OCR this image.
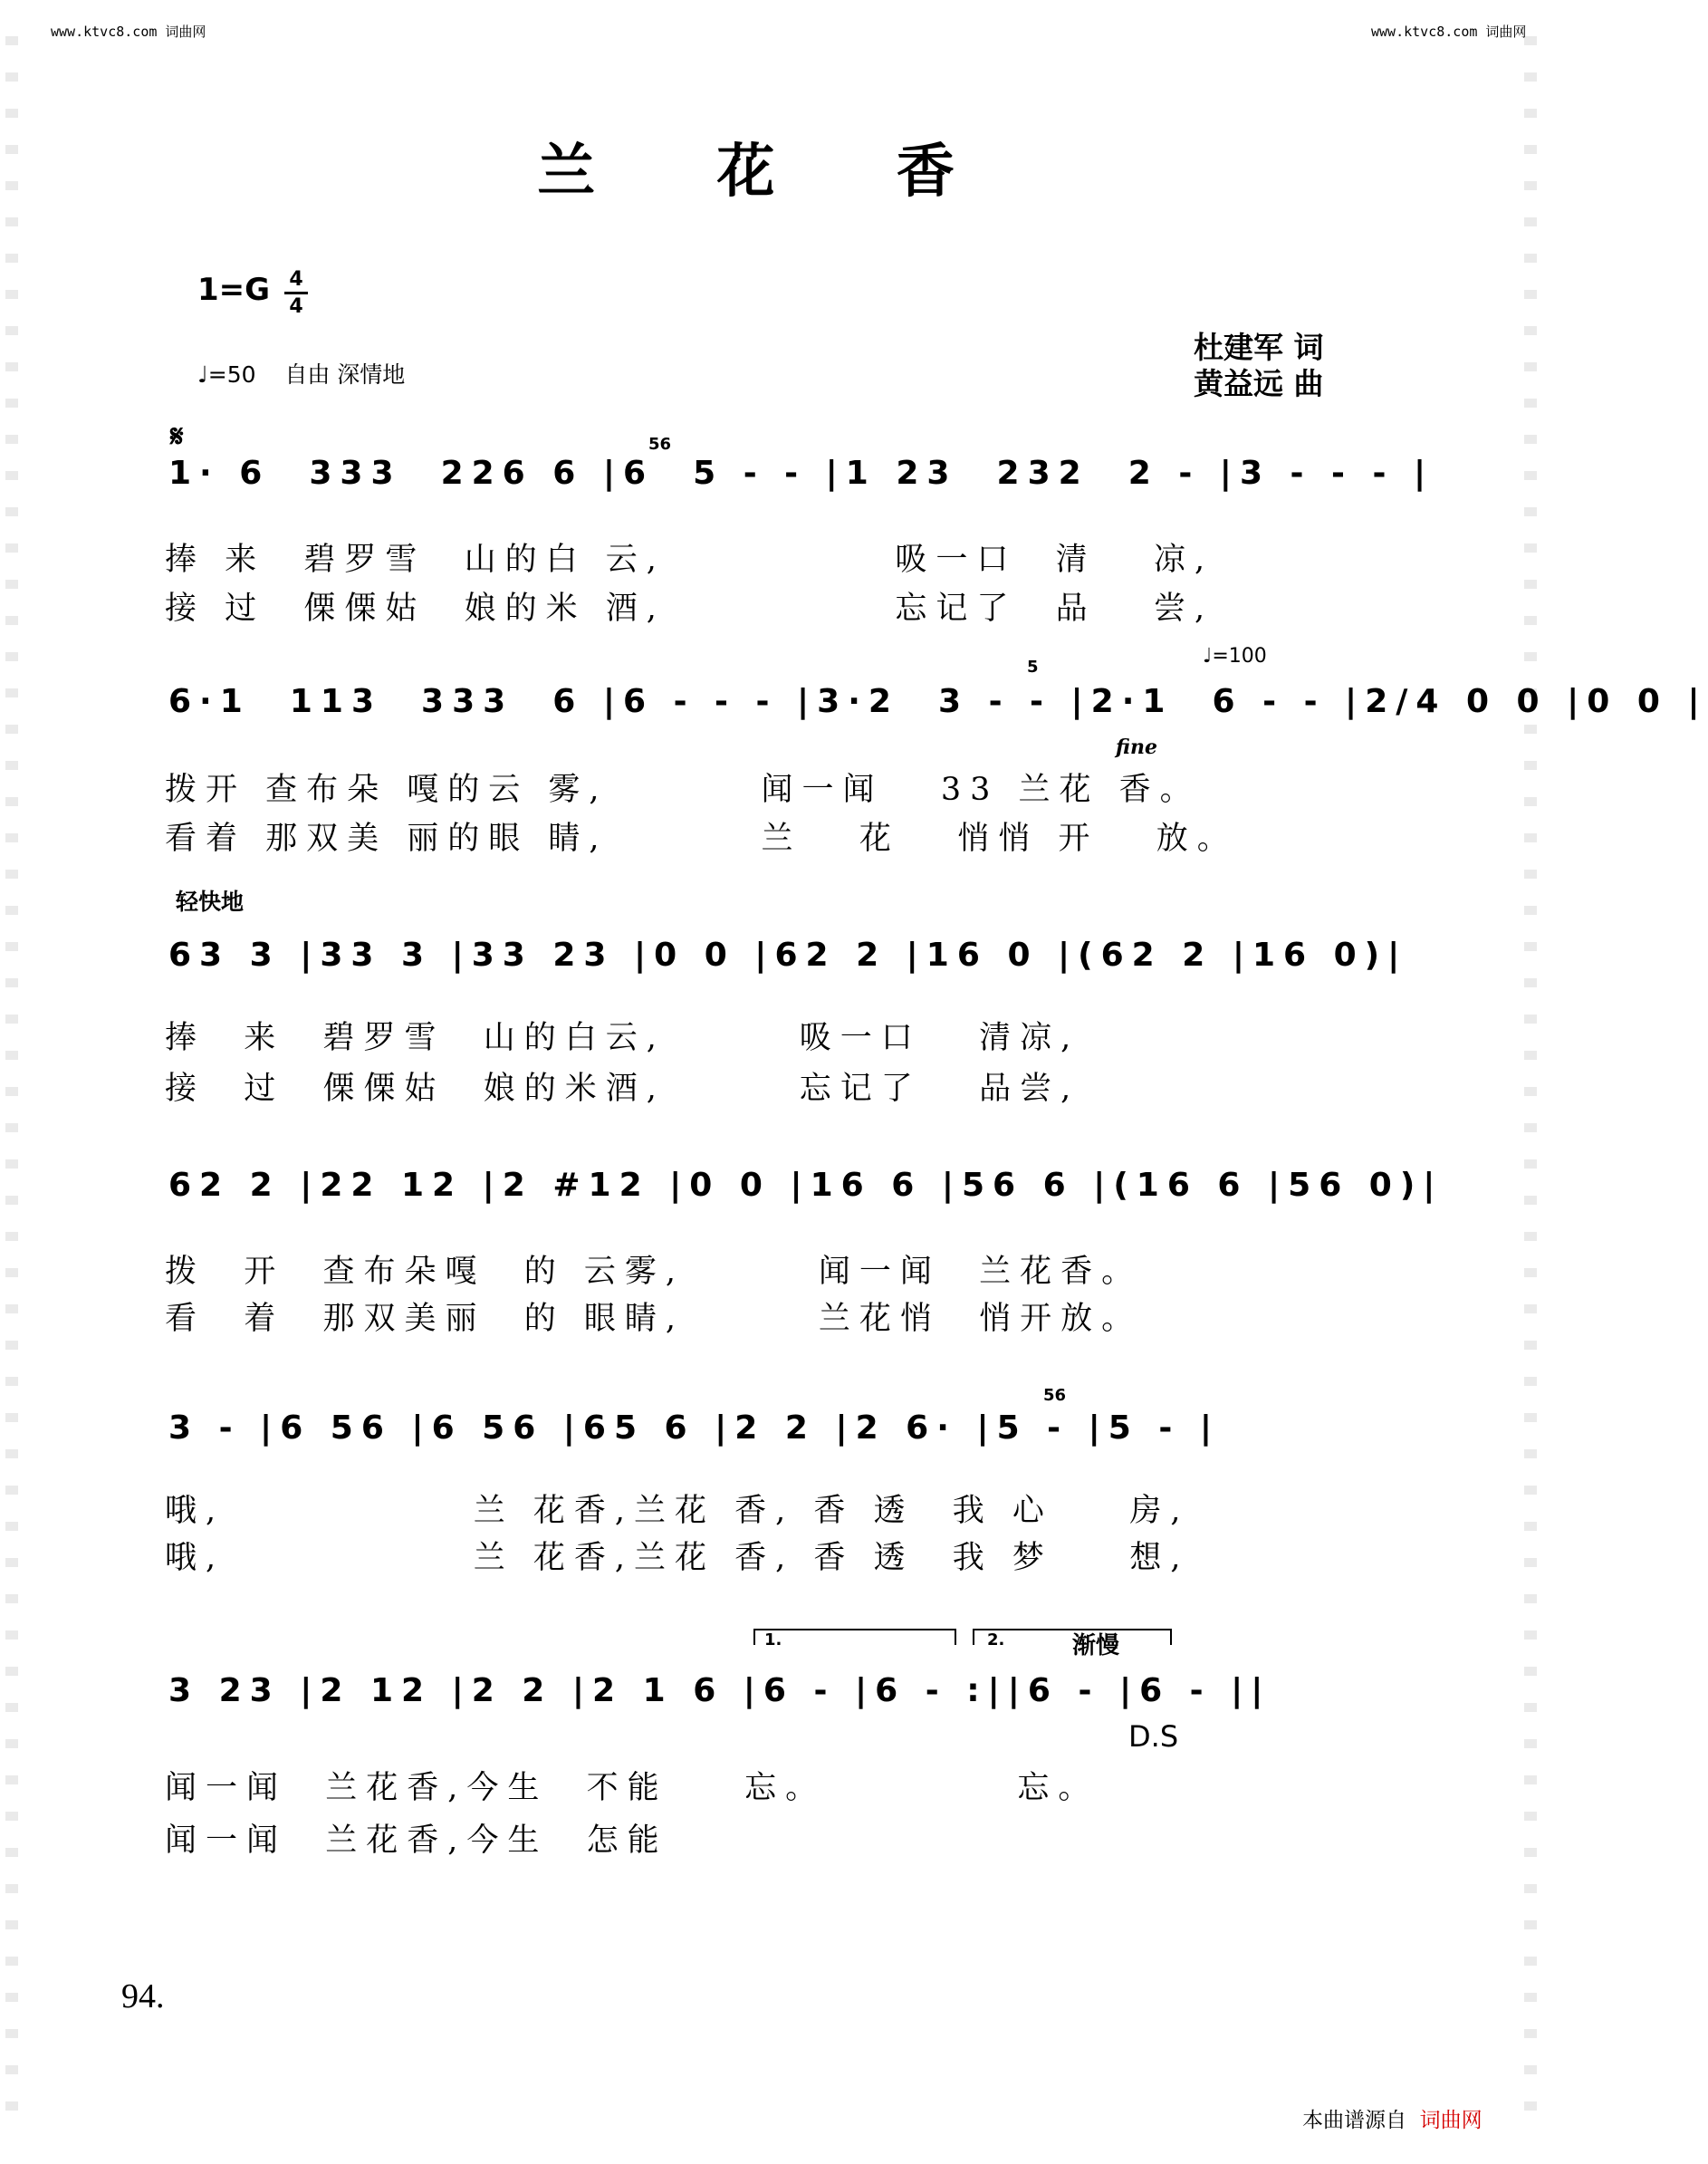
www.ktvc8.com 词曲网	www.ktvc8.com 词曲网
兰 花 香
1=G 4
4
♩=50 自由 深情地
杜建军 词
黄益远 曲
𝄋
1· 6  333  226 6 |6  5 - - |1 23  232  2 - |3 - - - |
56
捧 来  碧罗雪  山的白 云,            吸一口  清   凉,
接 过  傈傈姑  娘的米 酒,            忘记了  品   尝,
♩=100
5
6·1  113  333  6 |6 - - - |3·2  3 - - |2·1  6 - - |2/4 0 0 |0 0 |
fine
拨开 查布朵 嘎的云 雾,        闻一闻   33 兰花 香。
看着 那双美 丽的眼 睛,        兰   花   悄悄 开   放。
轻快地
63 3 |33 3 |33 23 |0 0 |62 2 |16 0 |(62 2 |16 0)|
捧  来  碧罗雪  山的白云,       吸一口   清凉,
接  过  傈傈姑  娘的米酒,       忘记了   品尝,
62 2 |22 12 |2 #12 |0 0 |16 6 |56 6 |(16 6 |56 0)|
拨  开  查布朵嘎  的 云雾,       闻一闻  兰花香。
看  着  那双美丽  的 眼睛,       兰花悄  悄开放。
56
3 - |6 56 |6 56 |65 6 |2 2 |2 6· |5 - |5 - |
哦,             兰 花香,兰花 香, 香 透  我 心    房,
哦,             兰 花香,兰花 香, 香 透  我 梦    想,
1.	2.	渐慢
3 23 |2 12 |2 2 |2 1 6 |6 - |6 - :||6 - |6 - ||
D.S
闻一闻  兰花香,今生  不能    忘。          忘。
闻一闻  兰花香,今生  怎能
94.
本曲谱源自 词曲网
